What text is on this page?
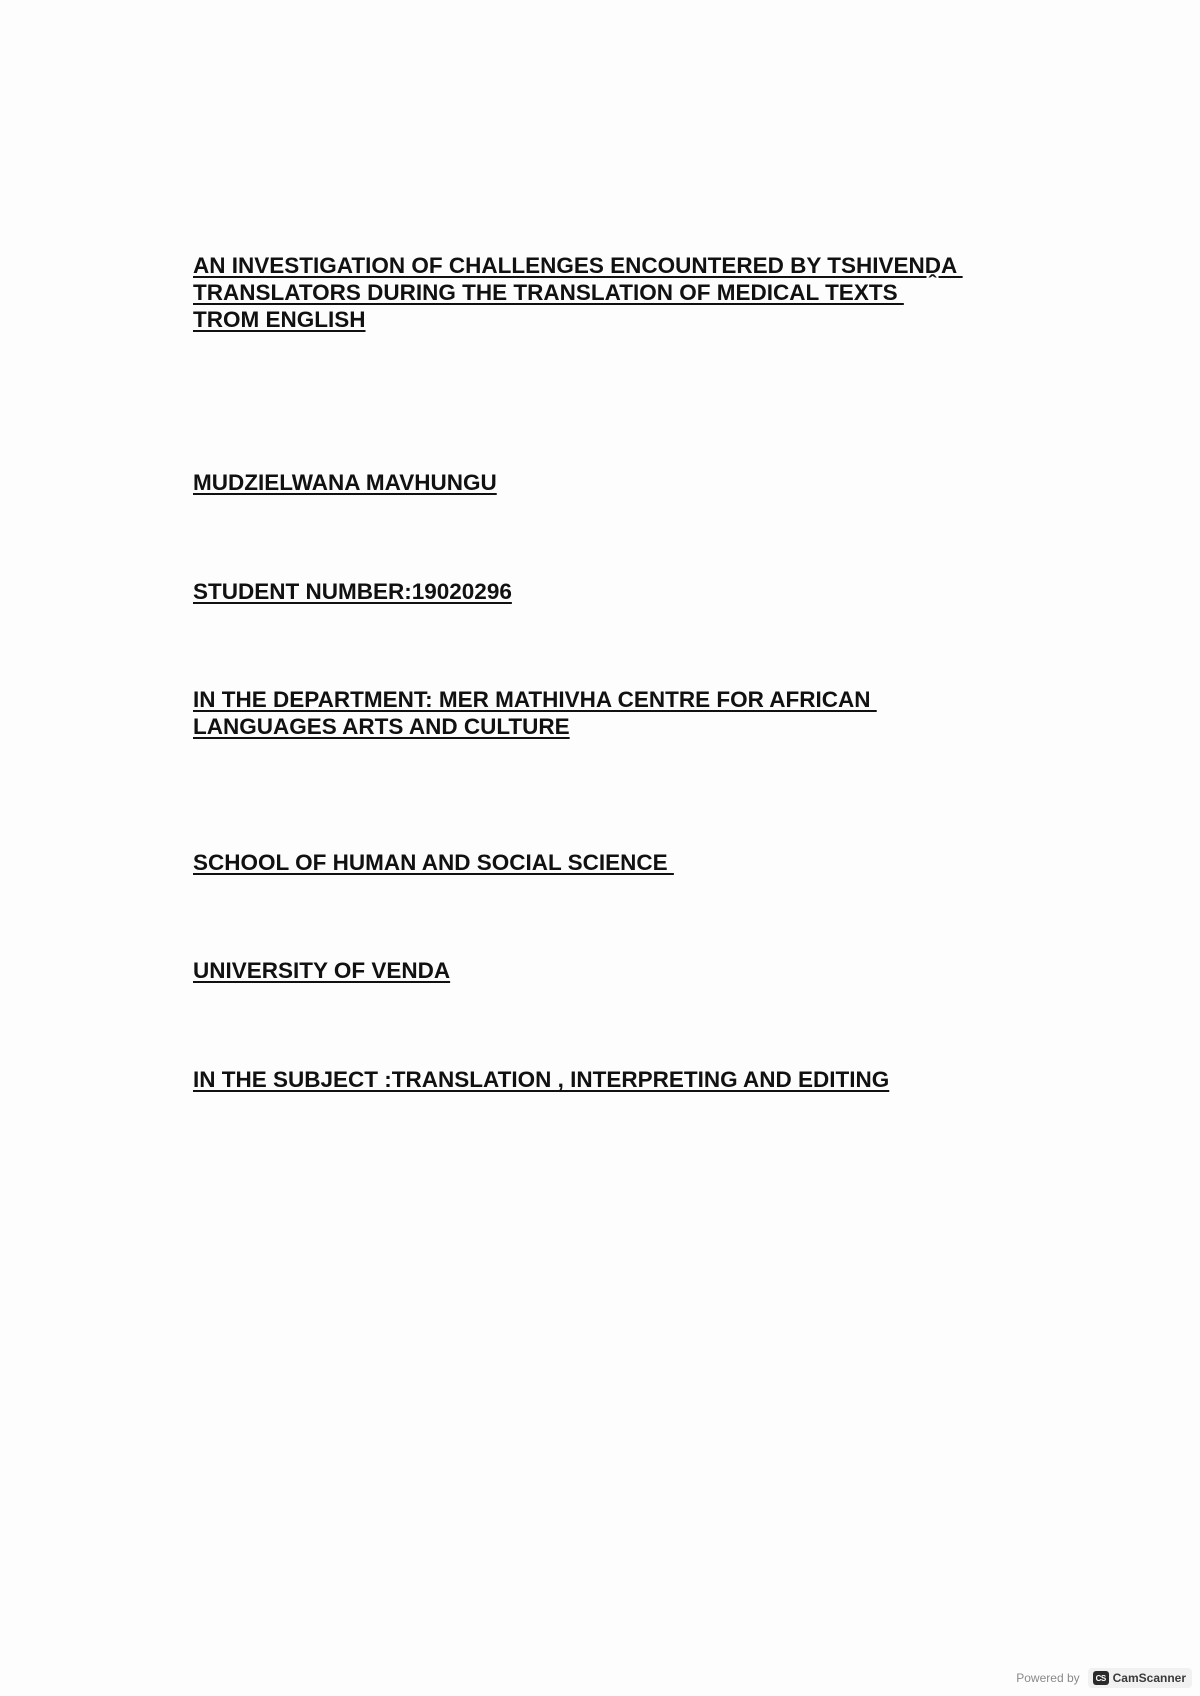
AN INVESTIGATION OF CHALLENGES ENCOUNTERED BY TSHIVENḒA
TRANSLATORS DURING THE TRANSLATION OF MEDICAL TEXTS
TROM ENGLISH

MUDZIELWANA MAVHUNGU

STUDENT NUMBER:19020296

IN THE DEPARTMENT: MER MATHIVHA CENTRE FOR AFRICAN
LANGUAGES ARTS AND CULTURE

SCHOOL OF HUMAN AND SOCIAL SCIENCE

UNIVERSITY OF VENDA

IN THE SUBJECT :TRANSLATION , INTERPRETING AND EDITING

Powered by	CS CamScanner
